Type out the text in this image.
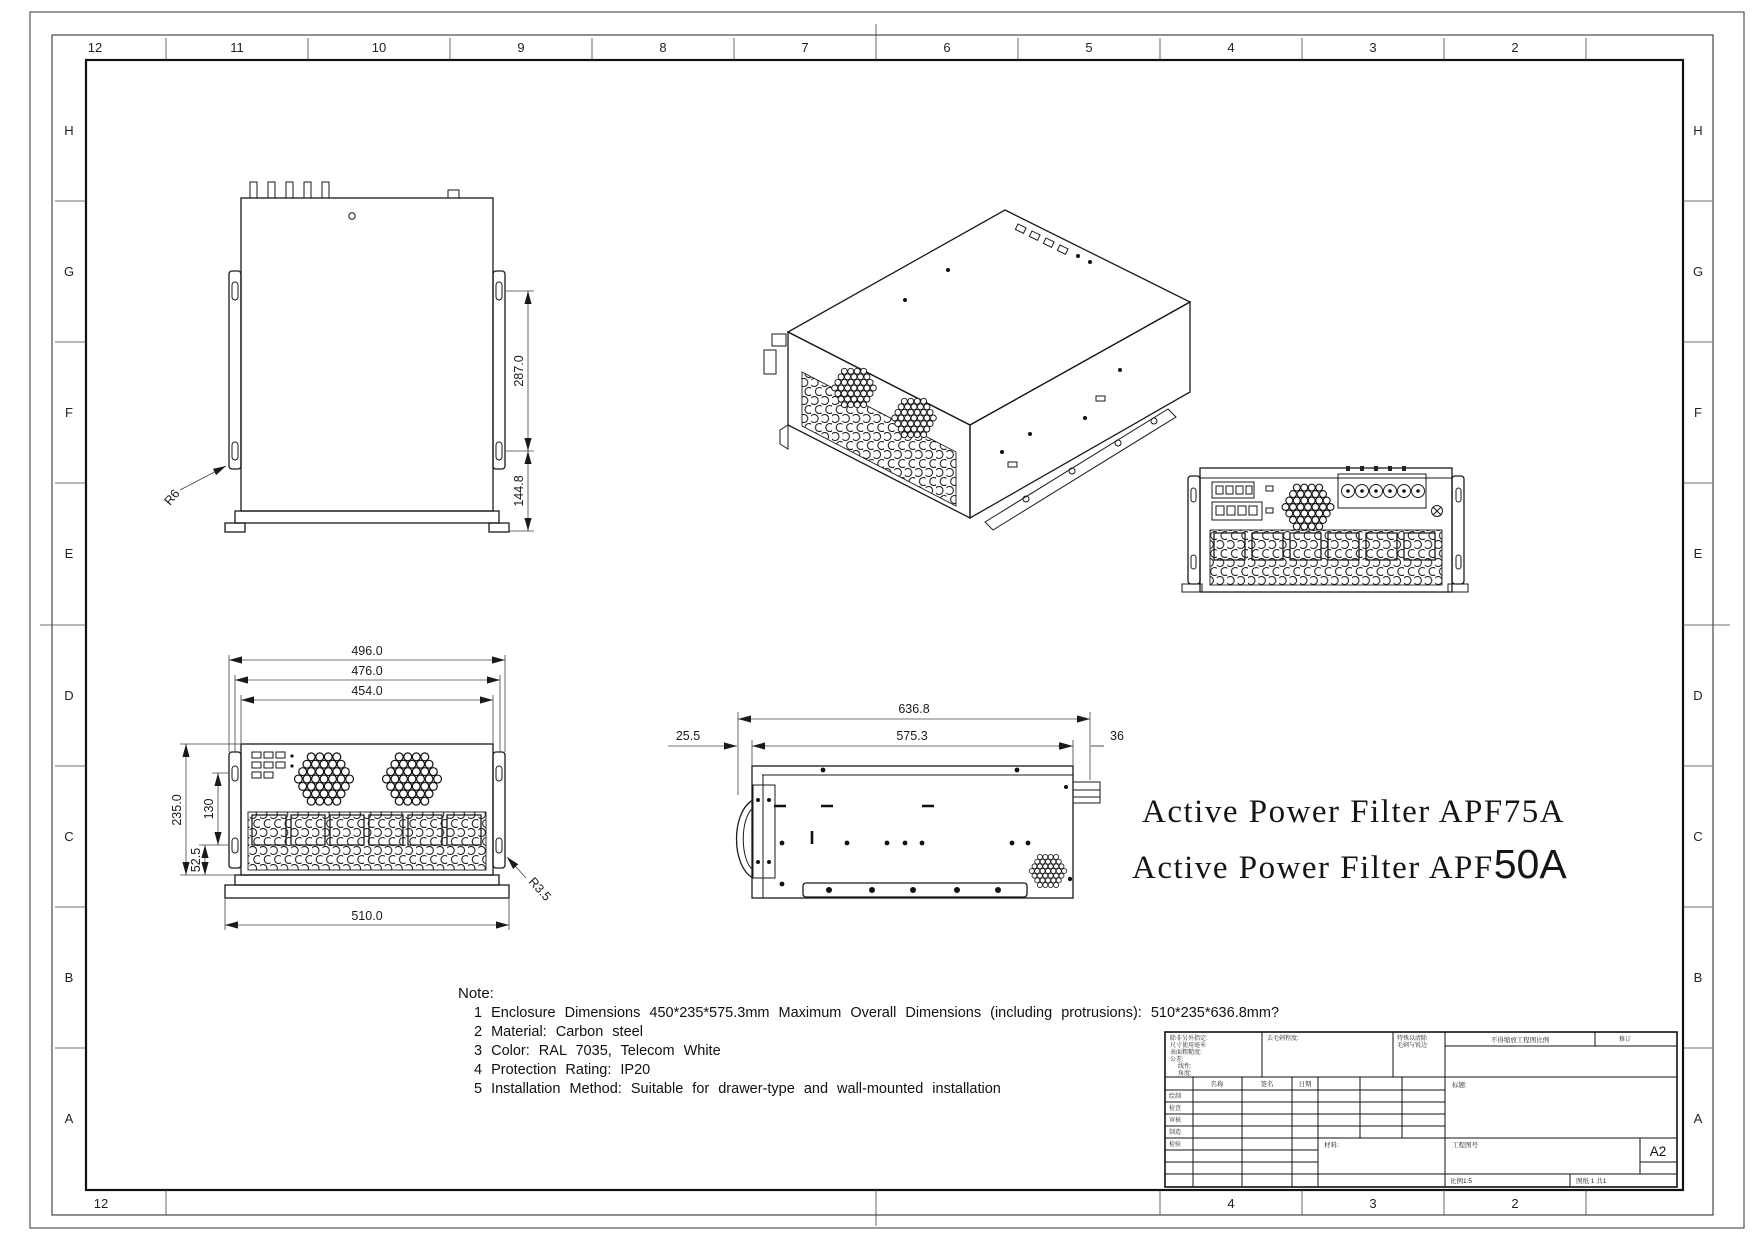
12	11	10	9	8	7	6	5	4	3	2
12	4	3	2
H
G
F
E
D
C
B
A
H
G
F
E
D
C
B
A
287.0
144.8
R6
496.0
476.0
454.0
510.0
235.0 130
52.5
R3.5
636.8
575.3
25.5	36
Active Power Filter APF75A
Active Power Filter APF50A
Note:
1 Enclosure Dimensions 450*235*575.3mm Maximum Overall Dimensions (including protrusions): 510*235*636.8mm?
2 Material: Carbon steel
3 Color: RAL 7035, Telecom White
4 Protection Rating: IP20
5 Installation Method: Suitable for drawer-type and wall-mounted installation
除非另外指定:
尺寸使用毫米
表面粗糙度:
公差:
线性:
角度:
去毛刺程度:	特殊以清除
毛刺与锐边
不得缩放工程图比例	修订
名称	签名	日期
绘制
检查
审核
制造
检验
标题:
材料:	工程图号	A2
比例1:5	图纸 1 共1
